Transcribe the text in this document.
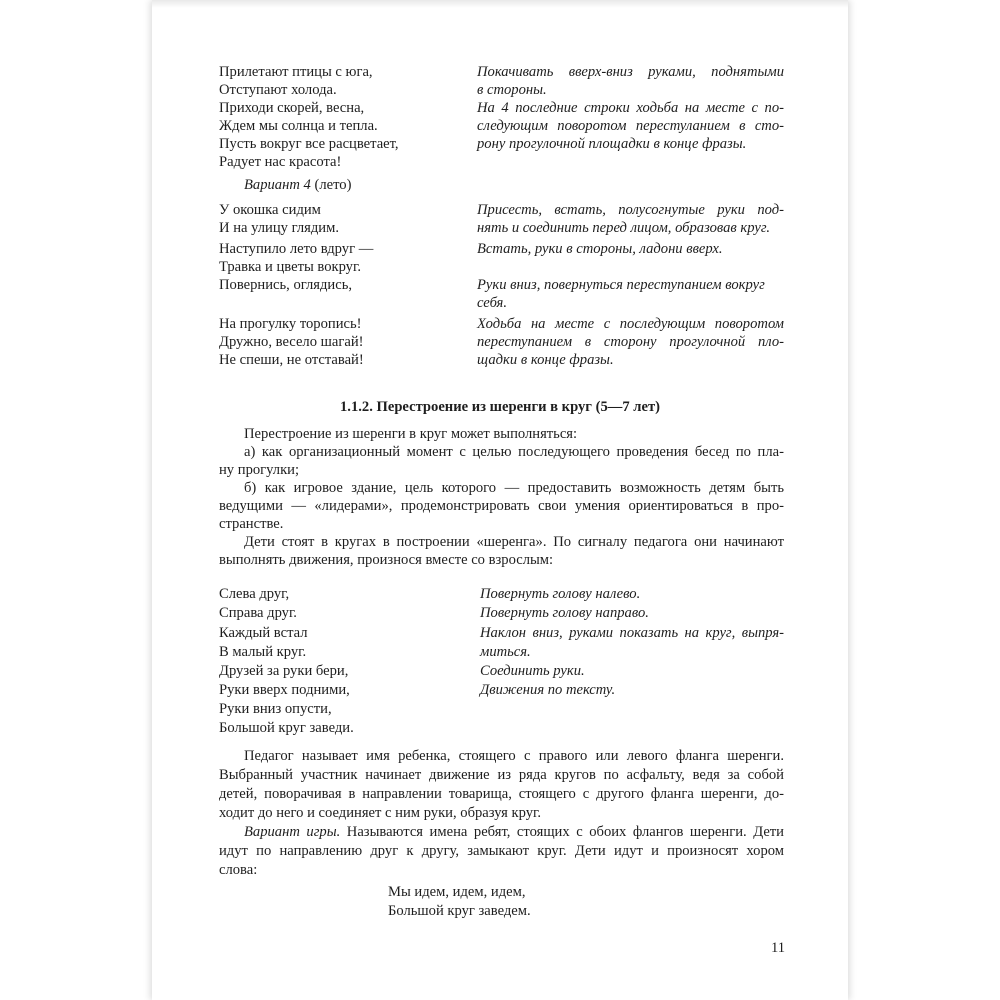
Прилетают птицы с юга,
Отступают холода.
Приходи скорей, весна,
Ждем мы солнца и тепла.
Пусть вокруг все расцветает,
Радует нас красота!
Покачивать вверх-вниз руками, поднятыми
в стороны.
На 4 последние строки ходьба на месте с по-
следующим поворотом перестуланием в сто-
рону прогулочной площадки в конце фразы.
Вариант 4 (лето)
У окошка сидим
И на улицу глядим.
Наступило лето вдруг —
Травка и цветы вокруг.
Повернись, оглядись,
На прогулку торопись!
Дружно, весело шагай!
Не спеши, не отставай!
Присесть, встать, полусогнутые руки под-
нять и соединить перед лицом, образовав круг.
Встать, руки в стороны, ладони вверх.
Руки вниз, повернуться переступанием вокруг
себя.
Ходьба на месте с последующим поворотом
переступанием в сторону прогулочной пло-
щадки в конце фразы.
1.1.2. Перестроение из шеренги в круг (5—7 лет)
Перестроение из шеренги в круг может выполняться:
а) как организационный момент с целью последующего проведения бесед по пла-
ну прогулки;
б) как игровое здание, цель которого — предоставить возможность детям быть
ведущими — «лидерами», продемонстрировать свои умения ориентироваться в про-
странстве.
Дети стоят в кругах в построении «шеренга». По сигналу педагога они начинают
выполнять движения, произнося вместе со взрослым:
Слева друг,
Справа друг.
Каждый встал
В малый круг.
Друзей за руки бери,
Руки вверх подними,
Руки вниз опусти,
Большой круг заведи.
Повернуть голову налево.
Повернуть голову направо.
Наклон вниз, руками показать на круг, выпря-
миться.
Соединить руки.
Движения по тексту.
Педагог называет имя ребенка, стоящего с правого или левого фланга шеренги.
Выбранный участник начинает движение из ряда кругов по асфальту, ведя за собой
детей, поворачивая в направлении товарища, стоящего с другого фланга шеренги, до-
ходит до него и соединяет с ним руки, образуя круг.
Вариант игры. Называются имена ребят, стоящих с обоих флангов шеренги. Дети
идут по направлению друг к другу, замыкают круг. Дети идут и произносят хором
слова:
Мы идем, идем, идем,
Большой круг заведем.
11
